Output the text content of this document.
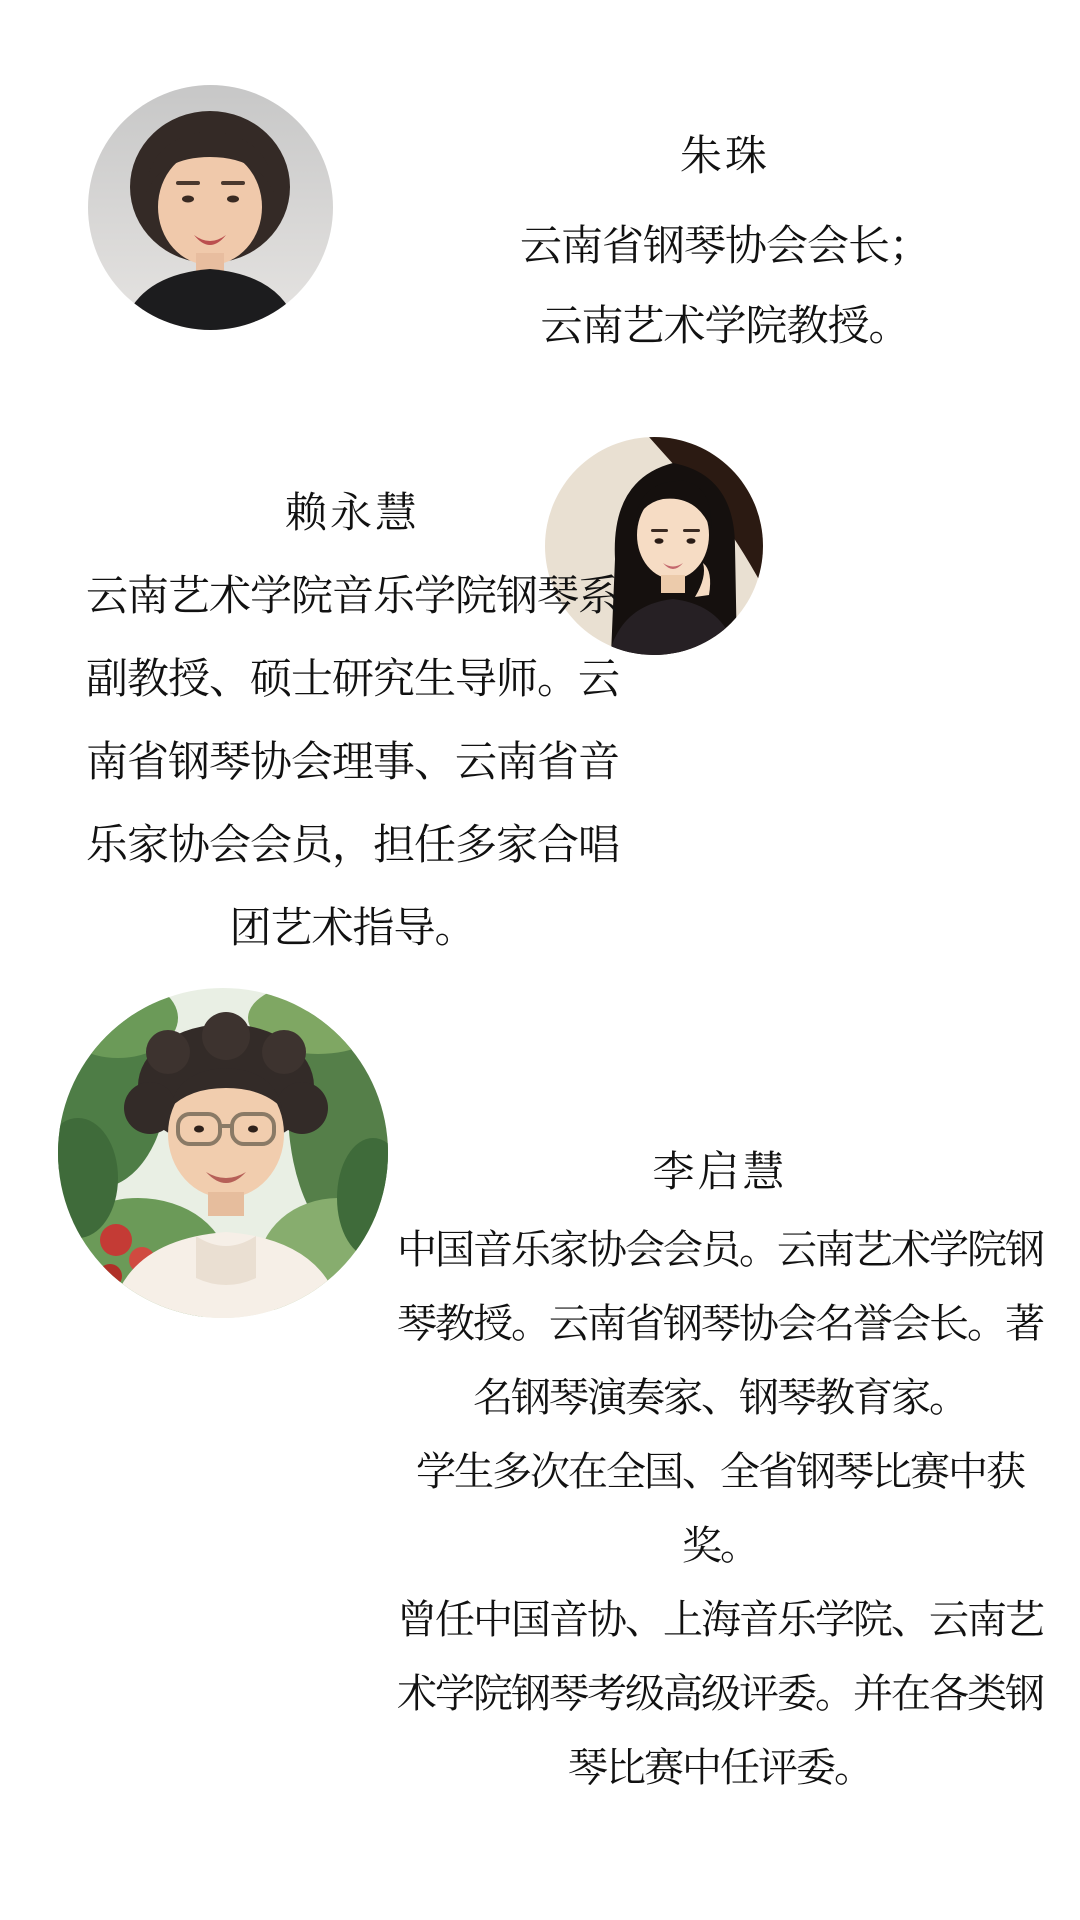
朱珠
云南省钢琴协会会长；
云南艺术学院教授。
赖永慧
云南艺术学院音乐学院钢琴系
副教授、硕士研究生导师。云
南省钢琴协会理事、云南省音
乐家协会会员，担任多家合唱
团艺术指导。
李启慧
中国音乐家协会会员。云南艺术学院钢
琴教授。云南省钢琴协会名誉会长。著
名钢琴演奏家、钢琴教育家。
学生多次在全国、全省钢琴比赛中获
奖。
曾任中国音协、上海音乐学院、云南艺
术学院钢琴考级高级评委。并在各类钢
琴比赛中任评委。
